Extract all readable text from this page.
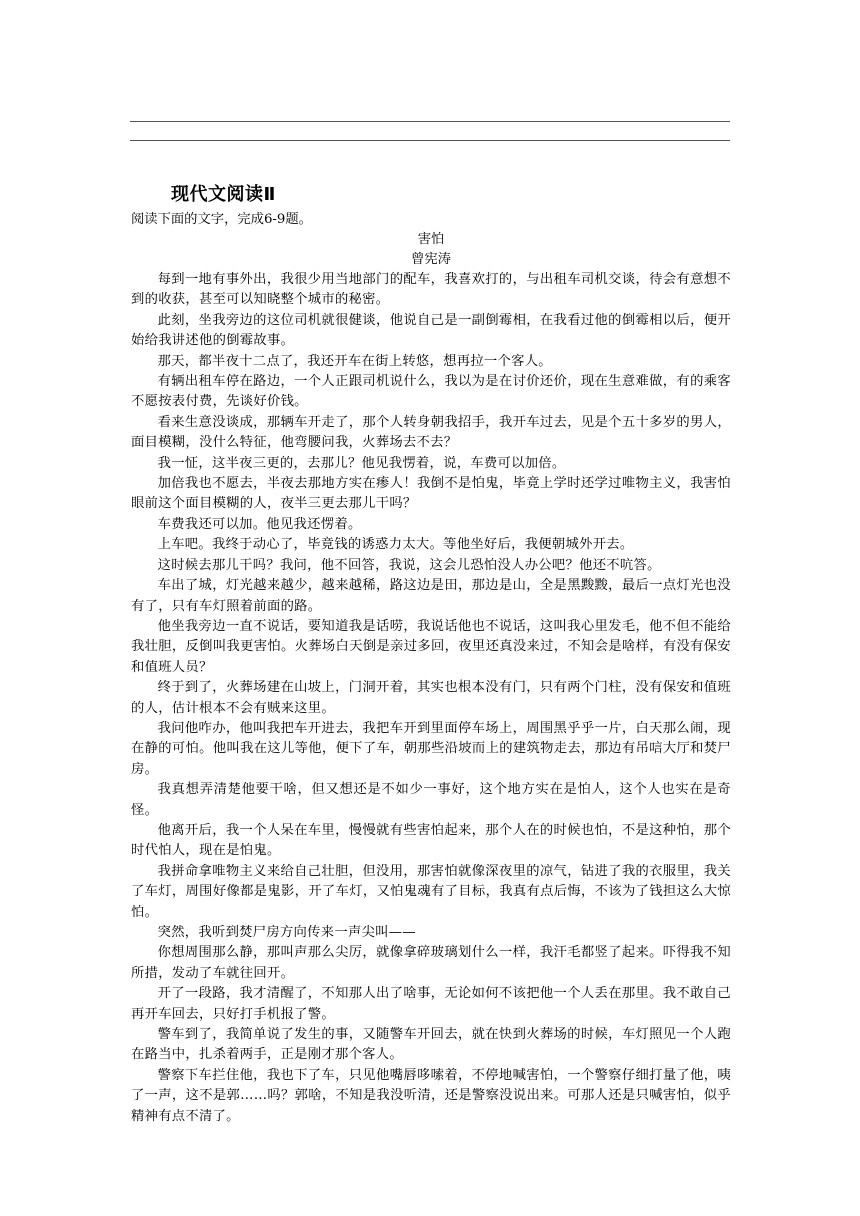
现代文阅读Ⅱ

阅读下面的文字，完成6-9题。

害怕

曾宪涛

每到一地有事外出，我很少用当地部门的配车，我喜欢打的，与出租车司机交谈，待会有意想不到的收获，甚至可以知晓整个城市的秘密。

此刻，坐我旁边的这位司机就很健谈，他说自己是一副倒霉相，在我看过他的倒霉相以后，便开始给我讲述他的倒霉故事。

那天，都半夜十二点了，我还开车在街上转悠，想再拉一个客人。

有辆出租车停在路边，一个人正跟司机说什么，我以为是在讨价还价，现在生意难做，有的乘客不愿按表付费，先谈好价钱。

看来生意没谈成，那辆车开走了，那个人转身朝我招手，我开车过去，见是个五十多岁的男人，面目模糊，没什么特征，他弯腰问我，火葬场去不去？

我一怔，这半夜三更的，去那儿？他见我愣着，说，车费可以加倍。

加倍我也不愿去，半夜去那地方实在瘆人！我倒不是怕鬼，毕竟上学时还学过唯物主义，我害怕眼前这个面目模糊的人，夜半三更去那儿干吗？

车费我还可以加。他见我还愣着。

上车吧。我终于动心了，毕竟钱的诱惑力太大。等他坐好后，我便朝城外开去。

这时候去那儿干吗？我问，他不回答，我说，这会儿恐怕没人办公吧？他还不吭答。

车出了城，灯光越来越少，越来越稀，路这边是田，那边是山，全是黑黢黢，最后一点灯光也没有了，只有车灯照着前面的路。

他坐我旁边一直不说话，要知道我是话唠，我说话他也不说话，这叫我心里发毛，他不但不能给我壮胆，反倒叫我更害怕。火葬场白天倒是亲过多回，夜里还真没来过，不知会是啥样，有没有保安和值班人员？

终于到了，火葬场建在山坡上，门洞开着，其实也根本没有门，只有两个门柱，没有保安和值班的人，估计根本不会有贼来这里。

我问他咋办，他叫我把车开进去，我把车开到里面停车场上，周围黑乎乎一片，白天那么闹，现在静的可怕。他叫我在这儿等他，便下了车，朝那些沿坡而上的建筑物走去，那边有吊唁大厅和焚尸房。

我真想弄清楚他要干啥，但又想还是不如少一事好，这个地方实在是怕人，这个人也实在是奇怪。

他离开后，我一个人呆在车里，慢慢就有些害怕起来，那个人在的时候也怕，不是这种怕，那个时代怕人，现在是怕鬼。

我拼命拿唯物主义来给自己壮胆，但没用，那害怕就像深夜里的凉气，钻进了我的衣服里，我关了车灯，周围好像都是鬼影，开了车灯，又怕鬼魂有了目标，我真有点后悔，不该为了钱担这么大惊怕。

突然，我听到焚尸房方向传来一声尖叫——

你想周围那么静，那叫声那么尖厉，就像拿碎玻璃划什么一样，我汗毛都竖了起来。吓得我不知所措，发动了车就往回开。

开了一段路，我才清醒了，不知那人出了啥事，无论如何不该把他一个人丢在那里。我不敢自己再开车回去，只好打手机报了警。

警车到了，我简单说了发生的事，又随警车开回去，就在快到火葬场的时候，车灯照见一个人跑在路当中，扎杀着两手，正是刚才那个客人。

警察下车拦住他，我也下了车，只见他嘴唇哆嗦着，不停地喊害怕，一个警察仔细打量了他，咦了一声，这不是郭……吗？郭啥，不知是我没听清，还是警察没说出来。可那人还是只喊害怕，似乎精神有点不清了。
